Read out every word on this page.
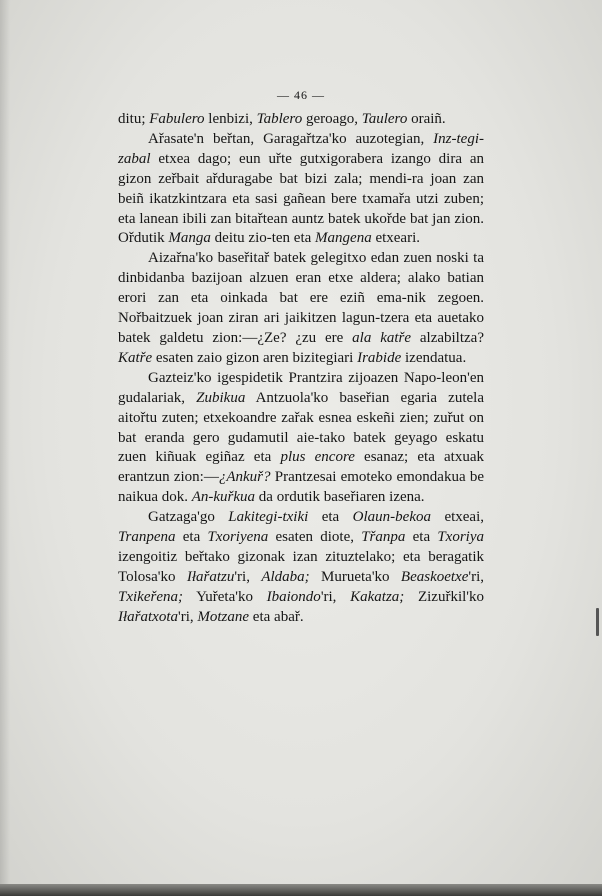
— 46 —

ditu; Fabulero lenbizi, Tablero geroago, Taulero oraiñ.

Ařasate'n beřtan, Garagařtza'ko auzotegian, Inz-tegi-zabal etxea dago; eun uřte gutxigorabera izango dira an gizon zeřbait ařduragabe bat bizi zala; mendi-ra joan zan beiñ ikatzkintzara eta sasi gañean bere txamařa utzi zuben; eta lanean ibili zan bitařtean auntz batek ukořde bat jan zion. Ořdutik Manga deitu zio-ten eta Mangena etxeari.

Aizařna'ko baseřitař batek gelegitxo edan zuen noski ta dinbidanba bazijoan alzuen eran etxe aldera; alako batian erori zan eta oinkada bat ere eziñ ema-nik zegoen. Nořbaitzuek joan ziran ari jaikitzen lagun-tzera eta auetako batek galdetu zion:—¿Ze? ¿zu ere ala katře alzabiltza? Katře esaten zaio gizon aren bizitegiari Irabide izendatua.

Gazteiz'ko igespidetik Prantzira zijoazen Napo-leon'en gudalariak, Zubikua Antzuola'ko baseřian egaria zutela aitořtu zuten; etxekoandre zařak esnea eskeñi zien; zuřut on bat eranda gero gudamutil aie-tako batek geyago eskatu zuen kiñuak egiñaz eta plus encore esanaz; eta atxuak erantzun zion:—¿Ankuř? Prantzesai emoteko emondakua be naikua dok. An-kuřkua da ordutik baseřiaren izena.

Gatzaga'go Lakitegi-txiki eta Olaun-bekoa etxeai, Tranpena eta Txoriyena esaten diote, Třanpa eta Txoriya izengoitiz beřtako gizonak izan zituztelako; eta beragatik Tolosa'ko Iłařatzu'ri, Aldaba; Murueta'ko Beaskoetxe'ri, Txikeřena; Yuřeta'ko Ibaiondo'ri, Kakatza; Zizuřkil'ko Iłařatxota'ri, Motzane eta abař.
